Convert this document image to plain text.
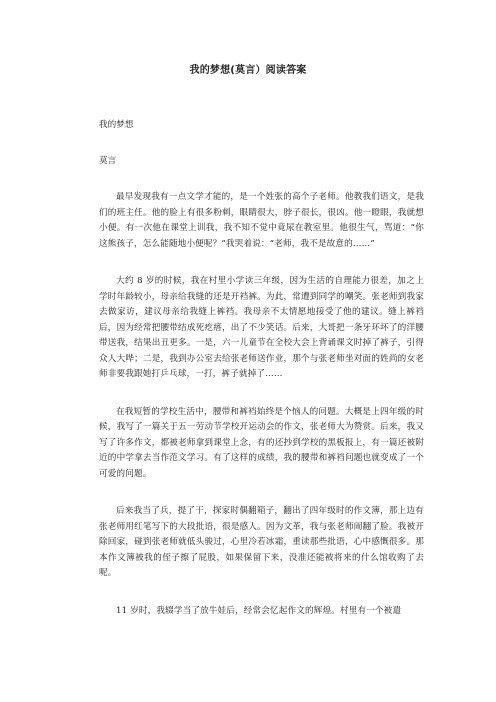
我的梦想(莫言）阅读答案
我的梦想
莫言

最早发现我有一点文学才能的，是一个姓张的高个子老师。他教我们语文，是我们的班主任。他的脸上有很多粉刺，眼睛很大，脖子很长，很凶。他一瞪眼，我就想小便。有一次他在课堂上训我，我不知不觉中竟尿在教室里。他很生气，骂道：“你这熊孩子，怎么能随地小便呢？”我哭着说：“老师，我不是故意的……”

大约 8 岁的时候，我在村里小学读三年级，因为生活的自理能力很差，加之上学时年龄较小，母亲给我缝的还是开裆裤。为此，常遭到同学的嘲笑。张老师到我家去做家访，建议母亲给我缝上裤裆。我母亲不太情愿地接受了他的建议。缝上裤裆后，因为经常把腰带结成死疙瘩，出了不少笑话。后来，大哥把一条牙环坏了的洋腰带送我，结果出丑更多。一是，六一儿童节在全校大会上背诵课文时掉了裤子，引得众人大哗；二是，我到办公室去给张老师送作业，那个与张老师坐对面的姓尚的女老师非要我跟她打乒乓球，一打，裤子就掉了……

在我短暂的学校生活中，腰带和裤裆始终是个恼人的问题。大概是上四年级的时候，我写了一篇关于五一劳动节学校开运动会的作文，张老师大为赞赏。后来，我又写了许多作文，都被老师拿到课堂上念，有的还抄到学校的黑板报上，有一篇还被附近的中学拿去当作范文学习。有了这样的成绩，我的腰带和裤裆问题也就变成了一个可爱的问题。

后来我当了兵，提了干，探家时偶翻箱子，翻出了四年级时的作文簿，那上边有张老师用红笔写下的大段批语，很是感人。因为文革，我与张老师闹翻了脸。我被开除回家，碰到张老师就低头骏过，心里冷若冰霜，重读那些批语，心中感慨很多。那本作文簿被我的侄子擦了屁股，如果保留下来，没准还能被将来的什么馆收购了去呢。

11 岁时，我辍学当了放牛娃后，经常会忆起作文的辉煌。村里有一个被遣
